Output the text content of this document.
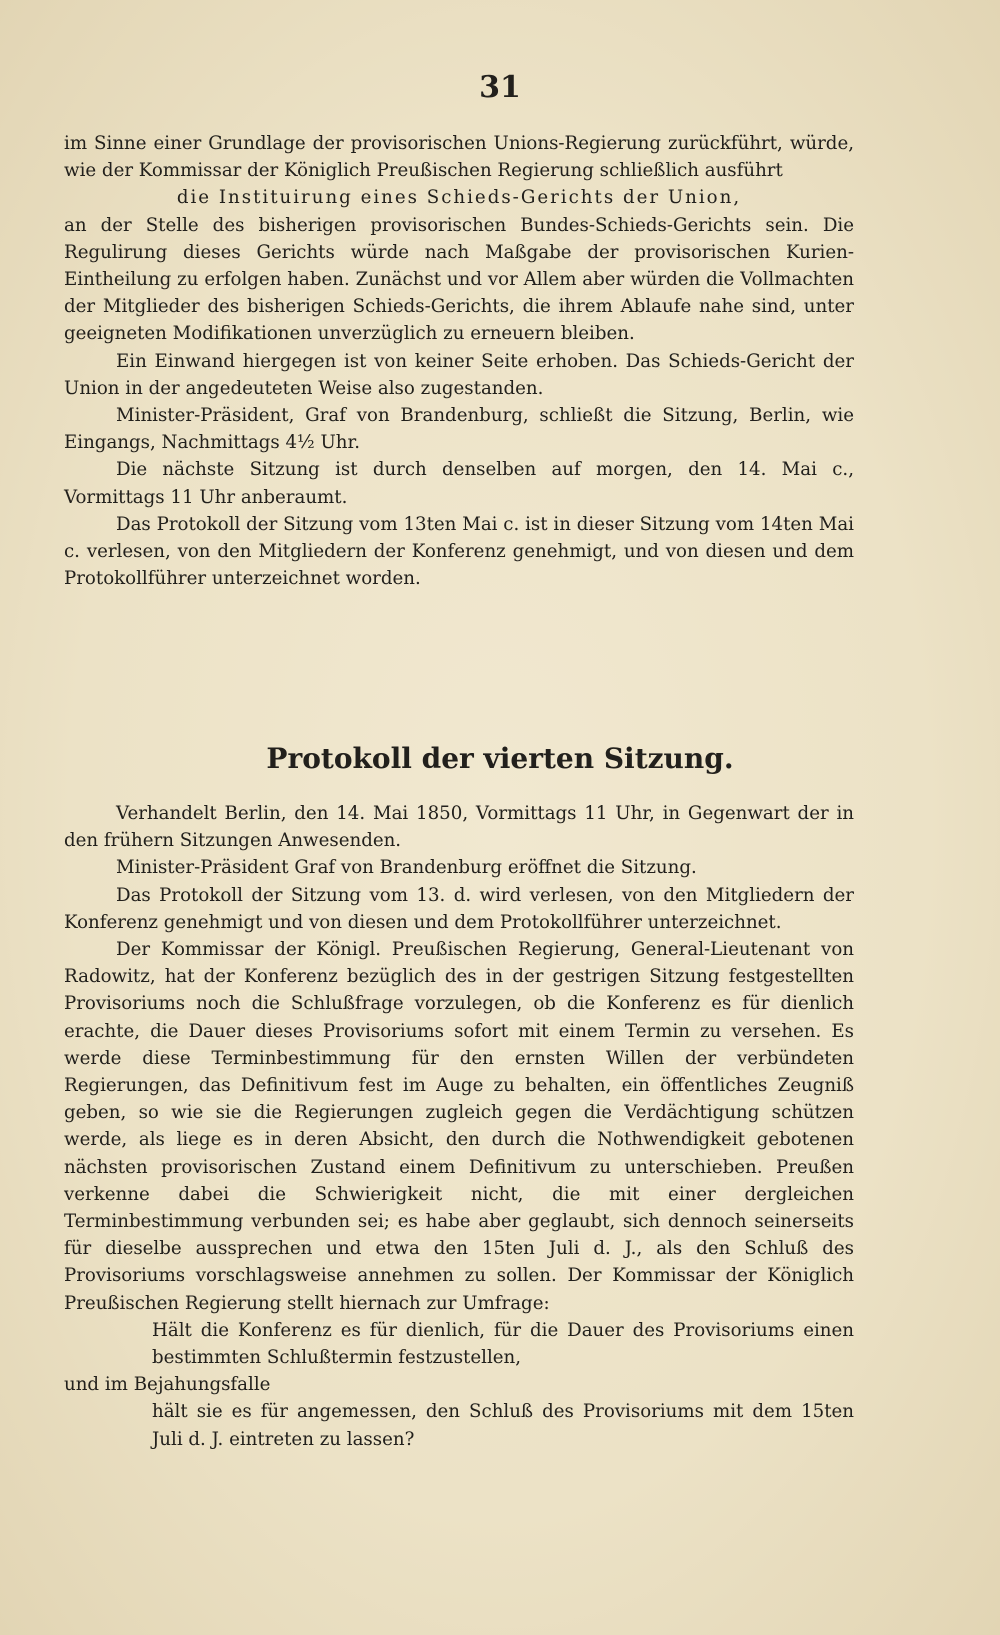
31

im Sinne einer Grundlage der provisorischen Unions-Regierung zurückführt, würde, wie der Kommissar der Königlich Preußischen Regierung schließlich ausführt

die Instituirung eines Schieds-Gerichts der Union,

an der Stelle des bisherigen provisorischen Bundes-Schieds-Gerichts sein. Die Regulirung dieses Gerichts würde nach Maßgabe der provisorischen Kurien-Eintheilung zu erfolgen haben. Zunächst und vor Allem aber würden die Vollmachten der Mitglieder des bisherigen Schieds-Gerichts, die ihrem Ablaufe nahe sind, unter geeigneten Modifikationen unverzüglich zu erneuern bleiben.

Ein Einwand hiergegen ist von keiner Seite erhoben. Das Schieds-Gericht der Union in der angedeuteten Weise also zugestanden.

Minister-Präsident, Graf von Brandenburg, schließt die Sitzung, Berlin, wie Eingangs, Nachmittags 4½ Uhr.

Die nächste Sitzung ist durch denselben auf morgen, den 14. Mai c., Vormittags 11 Uhr anberaumt.

Das Protokoll der Sitzung vom 13ten Mai c. ist in dieser Sitzung vom 14ten Mai c. verlesen, von den Mitgliedern der Konferenz genehmigt, und von diesen und dem Protokollführer unterzeichnet worden.

Protokoll der vierten Sitzung.

Verhandelt Berlin, den 14. Mai 1850, Vormittags 11 Uhr, in Gegenwart der in den frühern Sitzungen Anwesenden.

Minister-Präsident Graf von Brandenburg eröffnet die Sitzung.

Das Protokoll der Sitzung vom 13. d. wird verlesen, von den Mitgliedern der Konferenz genehmigt und von diesen und dem Protokollführer unterzeichnet.

Der Kommissar der Königl. Preußischen Regierung, General-Lieutenant von Radowitz, hat der Konferenz bezüglich des in der gestrigen Sitzung festgestellten Provisoriums noch die Schlußfrage vorzulegen, ob die Konferenz es für dienlich erachte, die Dauer dieses Provisoriums sofort mit einem Termin zu versehen. Es werde diese Terminbestimmung für den ernsten Willen der verbündeten Regierungen, das Definitivum fest im Auge zu behalten, ein öffentliches Zeugniß geben, so wie sie die Regierungen zugleich gegen die Verdächtigung schützen werde, als liege es in deren Absicht, den durch die Nothwendigkeit gebotenen nächsten provisorischen Zustand einem Definitivum zu unterschieben. Preußen verkenne dabei die Schwierigkeit nicht, die mit einer dergleichen Terminbestimmung verbunden sei; es habe aber geglaubt, sich dennoch seinerseits für dieselbe aussprechen und etwa den 15ten Juli d. J., als den Schluß des Provisoriums vorschlagsweise annehmen zu sollen. Der Kommissar der Königlich Preußischen Regierung stellt hiernach zur Umfrage:

Hält die Konferenz es für dienlich, für die Dauer des Provisoriums einen bestimmten Schlußtermin festzustellen,

und im Bejahungsfalle

hält sie es für angemessen, den Schluß des Provisoriums mit dem 15ten Juli d. J. eintreten zu lassen?
